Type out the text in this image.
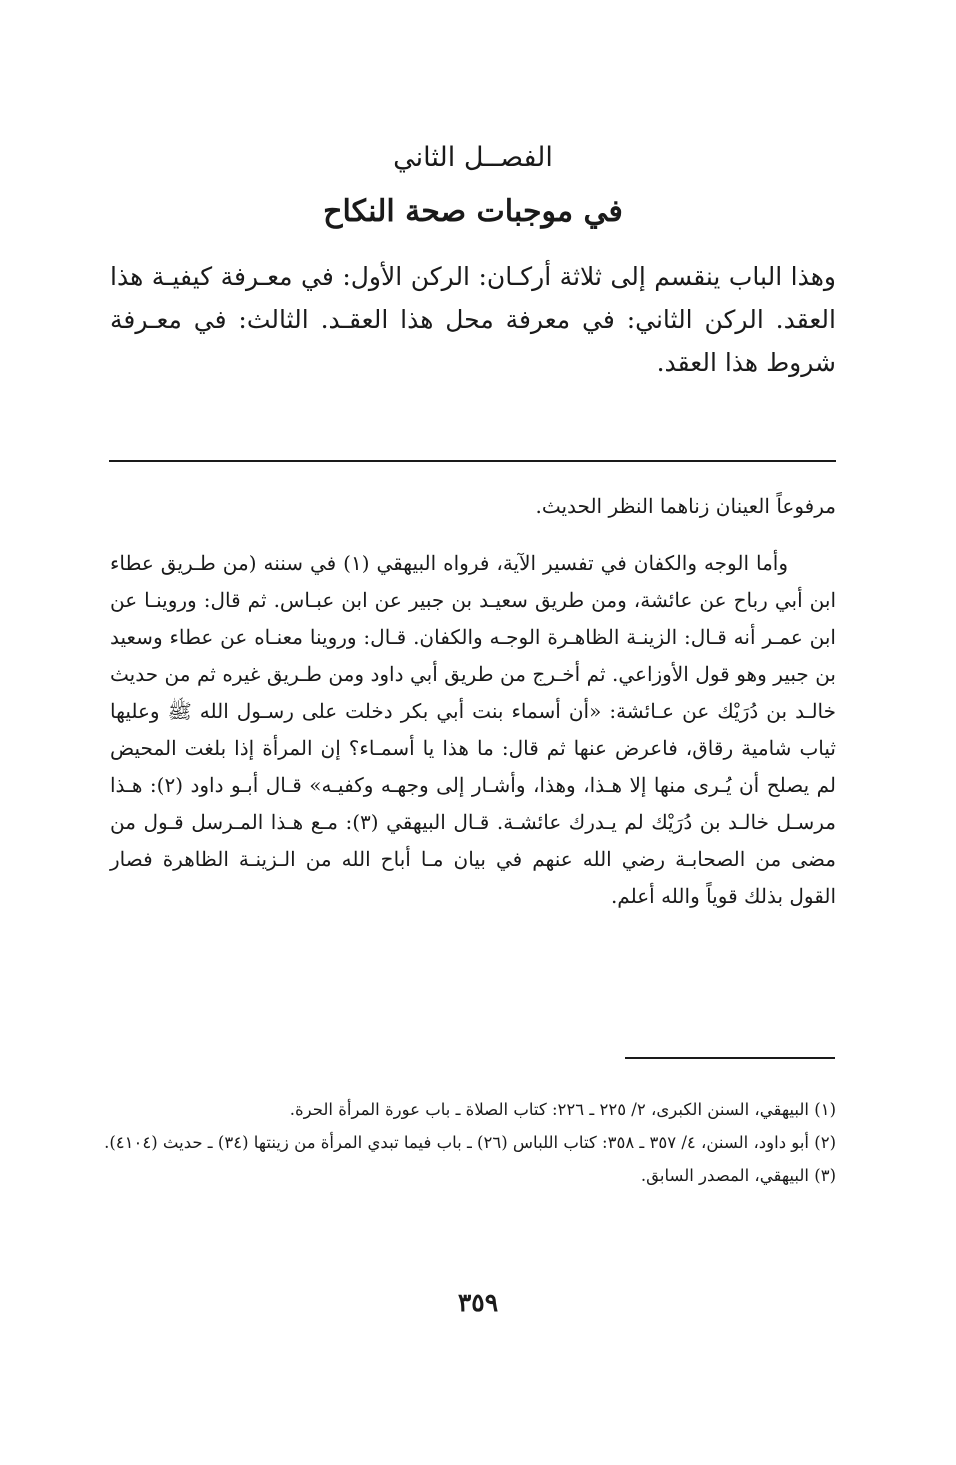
الفصــل الثاني
في موجبات صحة النكاح

وهذا الباب ينقسم إلى ثلاثة أركـان: الركن الأول: في معـرفة كيفيـة هذا العقد. الركن الثاني: في معرفة محل هذا العقـد. الثالث: في معـرفة شروط هذا العقد.

مرفوعاً العينان زناهما النظر الحديث.

وأما الوجه والكفان في تفسير الآية، فرواه البيهقي (١) في سننه (من طـريق عطاء ابن أبي رباح عن عائشة، ومن طريق سعيـد بن جبير عن ابن عبـاس. ثم قال: وروينـا عن ابن عمـر أنه قـال: الزينـة الظاهـرة الوجـه والكفان. قـال: وروينا معنـاه عن عطاء وسعيد بن جبير وهو قول الأوزاعي. ثم أخـرج من طريق أبي داود ومن طـريق غيره ثم من حديث خالـد بن دُرَيْك عن عـائشة: «أن أسماء بنت أبي بكر دخلت على رسـول الله ﷺ وعليها ثياب شامية رقاق، فاعرض عنها ثم قال: ما هذا يا أسمـاء؟ إن المرأة إذا بلغت المحيض لم يصلح أن يُـرى منها إلا هـذا، وهذا، وأشـار إلى وجهـه وكفيـه» قـال أبـو داود (٢): هـذا مرسـل خالـد بن دُرَيْك لم يـدرك عائشـة. قـال البيهقي (٣): مـع هـذا المـرسل قـول من مضى من الصحابـة رضي الله عنهم في بيان مـا أباح الله من الـزينـة الظاهرة فصار القول بذلك قوياً والله أعلم.

(١) البيهقي، السنن الكبرى، ٢/ ٢٢٥ ـ ٢٢٦: كتاب الصلاة ـ باب عورة المرأة الحرة.
(٢) أبو داود، السنن، ٤/ ٣٥٧ ـ ٣٥٨: كتاب اللباس (٢٦) ـ باب فيما تبدي المرأة من زينتها (٣٤) ـ حديث (٤١٠٤).
(٣) البيهقي، المصدر السابق.
٣٥٩
